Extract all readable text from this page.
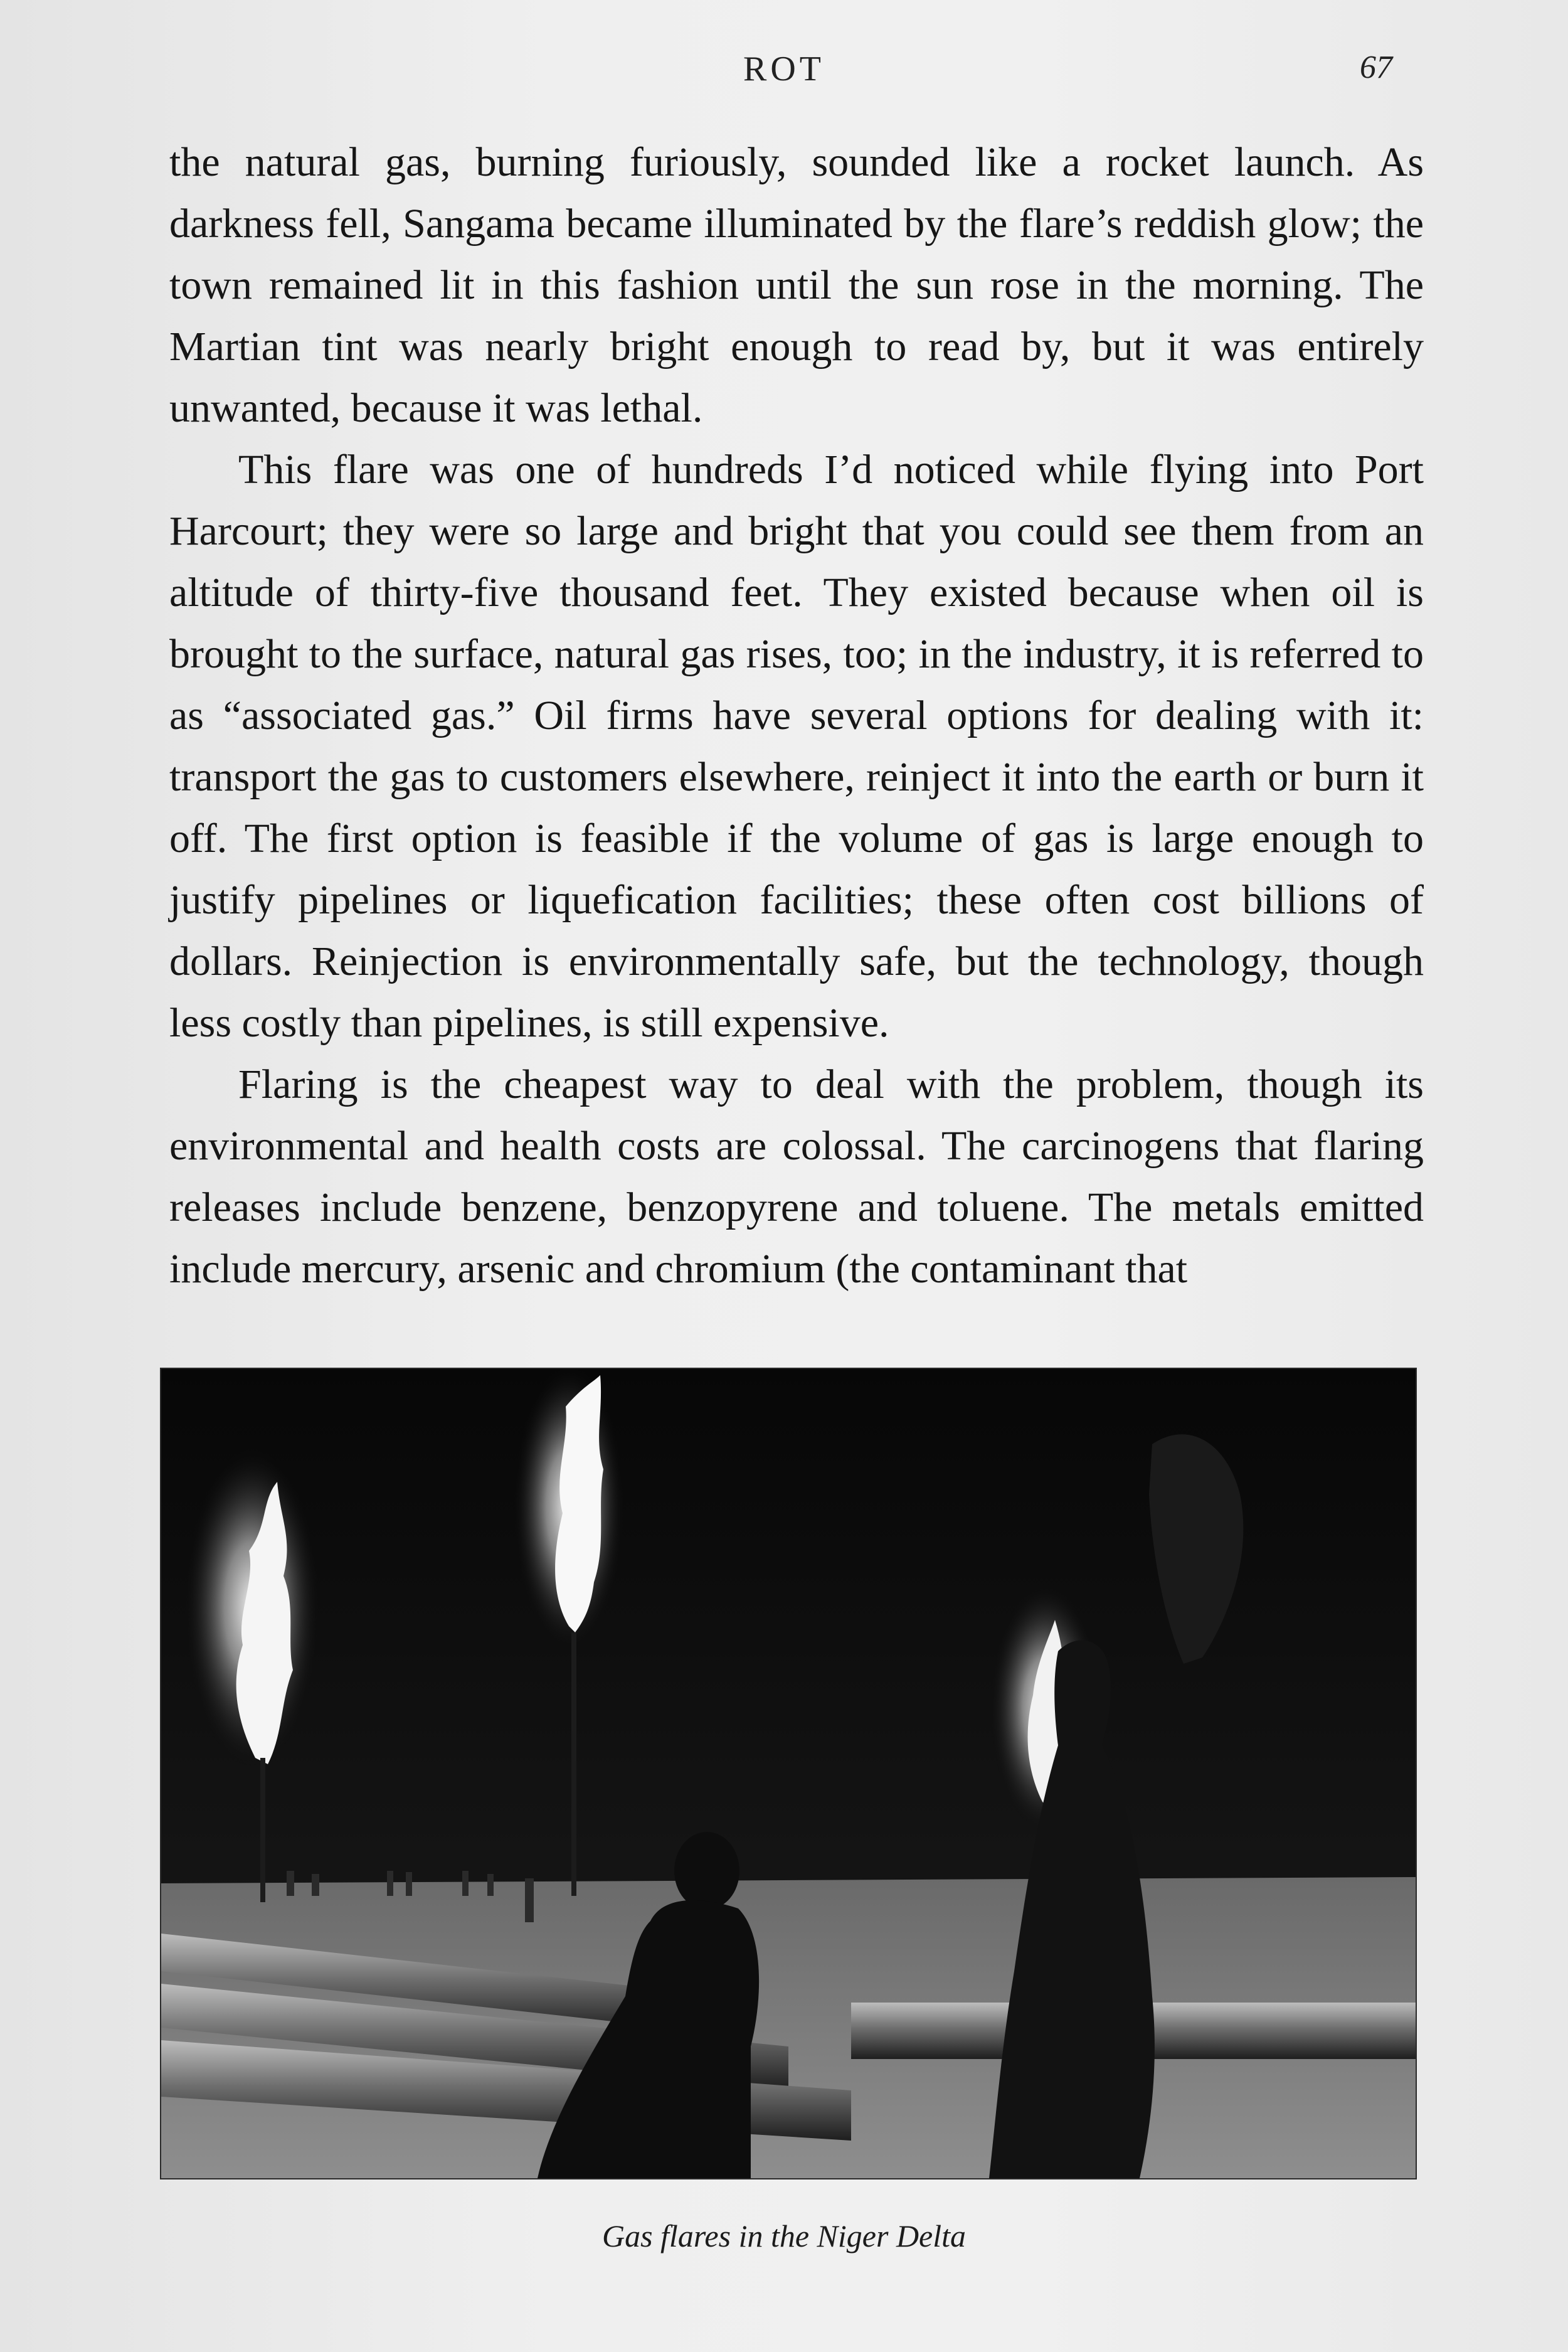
ROT	67

the natural gas, burning furiously, sounded like a rocket launch. As darkness fell, Sangama became illuminated by the flare’s reddish glow; the town remained lit in this fashion until the sun rose in the morning. The Martian tint was nearly bright enough to read by, but it was entirely unwanted, because it was lethal.

This flare was one of hundreds I’d noticed while flying into Port Harcourt; they were so large and bright that you could see them from an altitude of thirty-five thousand feet. They existed because when oil is brought to the surface, natural gas rises, too; in the industry, it is referred to as “associated gas.” Oil firms have several options for dealing with it: transport the gas to customers elsewhere, reinject it into the earth or burn it off. The first option is feasible if the volume of gas is large enough to justify pipelines or liquefication facilities; these often cost billions of dollars. Reinjection is environmentally safe, but the technology, though less costly than pipelines, is still expensive.

Flaring is the cheapest way to deal with the problem, though its environmental and health costs are colossal. The carcinogens that flaring releases include benzene, benzopyrene and toluene. The metals emitted include mercury, arsenic and chromium (the contaminant that

Gas flares in the Niger Delta
